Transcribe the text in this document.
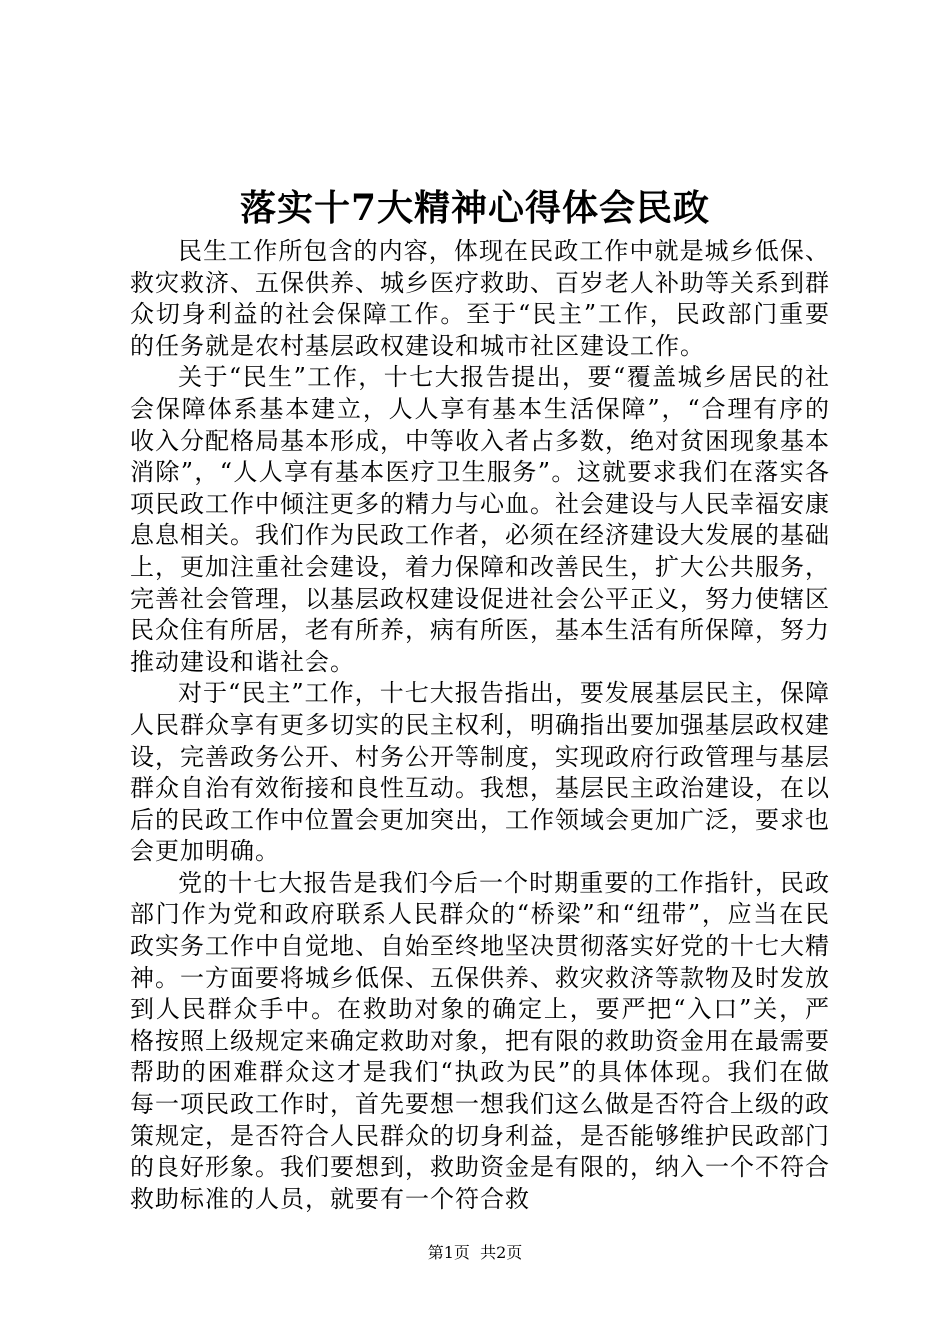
落实十7大精神心得体会民政

民生工作所包含的内容，体现在民政工作中就是城乡低保、救灾救济、五保供养、城乡医疗救助、百岁老人补助等关系到群众切身利益的社会保障工作。至于“民主”工作，民政部门重要的任务就是农村基层政权建设和城市社区建设工作。

关于“民生”工作，十七大报告提出，要“覆盖城乡居民的社会保障体系基本建立，人人享有基本生活保障”，“合理有序的收入分配格局基本形成，中等收入者占多数，绝对贫困现象基本消除”，“人人享有基本医疗卫生服务”。这就要求我们在落实各项民政工作中倾注更多的精力与心血。社会建设与人民幸福安康息息相关。我们作为民政工作者，必须在经济建设大发展的基础上，更加注重社会建设，着力保障和改善民生，扩大公共服务，完善社会管理，以基层政权建设促进社会公平正义，努力使辖区民众住有所居，老有所养，病有所医，基本生活有所保障，努力推动建设和谐社会。

对于“民主”工作，十七大报告指出，要发展基层民主，保障人民群众享有更多切实的民主权利，明确指出要加强基层政权建设，完善政务公开、村务公开等制度，实现政府行政管理与基层群众自治有效衔接和良性互动。我想，基层民主政治建设，在以后的民政工作中位置会更加突出，工作领域会更加广泛，要求也会更加明确。

党的十七大报告是我们今后一个时期重要的工作指针，民政部门作为党和政府联系人民群众的“桥梁”和“纽带”，应当在民政实务工作中自觉地、自始至终地坚决贯彻落实好党的十七大精神。一方面要将城乡低保、五保供养、救灾救济等款物及时发放到人民群众手中。在救助对象的确定上，要严把“入口”关，严格按照上级规定来确定救助对象，把有限的救助资金用在最需要帮助的困难群众这才是我们“执政为民”的具体体现。我们在做每一项民政工作时，首先要想一想我们这么做是否符合上级的政策规定，是否符合人民群众的切身利益，是否能够维护民政部门的良好形象。我们要想到，救助资金是有限的，纳入一个不符合救助标准的人员，就要有一个符合救

第1页 共2页
